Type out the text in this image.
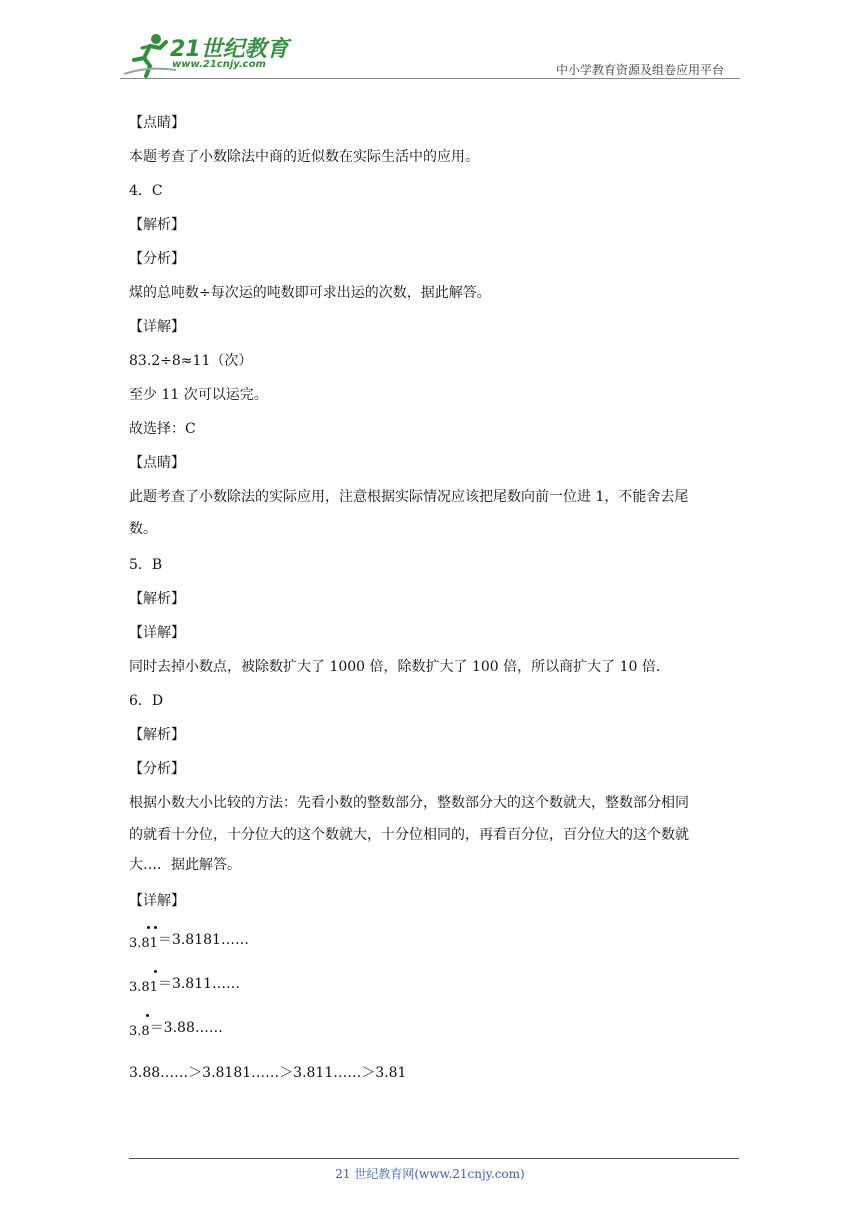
21世纪教育
www.21cnjy.com	中小学教育资源及组卷应用平台
【点睛】
本题考查了小数除法中商的近似数在实际生活中的应用。
4．C
【解析】
【分析】
煤的总吨数÷每次运的吨数即可求出运的次数，据此解答。
【详解】
83.2÷8≈11（次）
至少 11 次可以运完。
故选择：C
【点睛】
此题考查了小数除法的实际应用，注意根据实际情况应该把尾数向前一位进 1，不能舍去尾
数。
5．B
【解析】
【详解】
同时去掉小数点，被除数扩大了 1000 倍，除数扩大了 100 倍，所以商扩大了 10 倍.
6．D
【解析】
【分析】
根据小数大小比较的方法：先看小数的整数部分，整数部分大的这个数就大，整数部分相同
的就看十分位，十分位大的这个数就大，十分位相同的，再看百分位，百分位大的这个数就
大…．据此解答。
【详解】
3.81
＝3.8181……
3.81
＝3.811……
3.8
＝3.88……
3.88……＞3.8181……＞3.811……＞3.81
21 世纪教育网(www.21cnjy.com)
